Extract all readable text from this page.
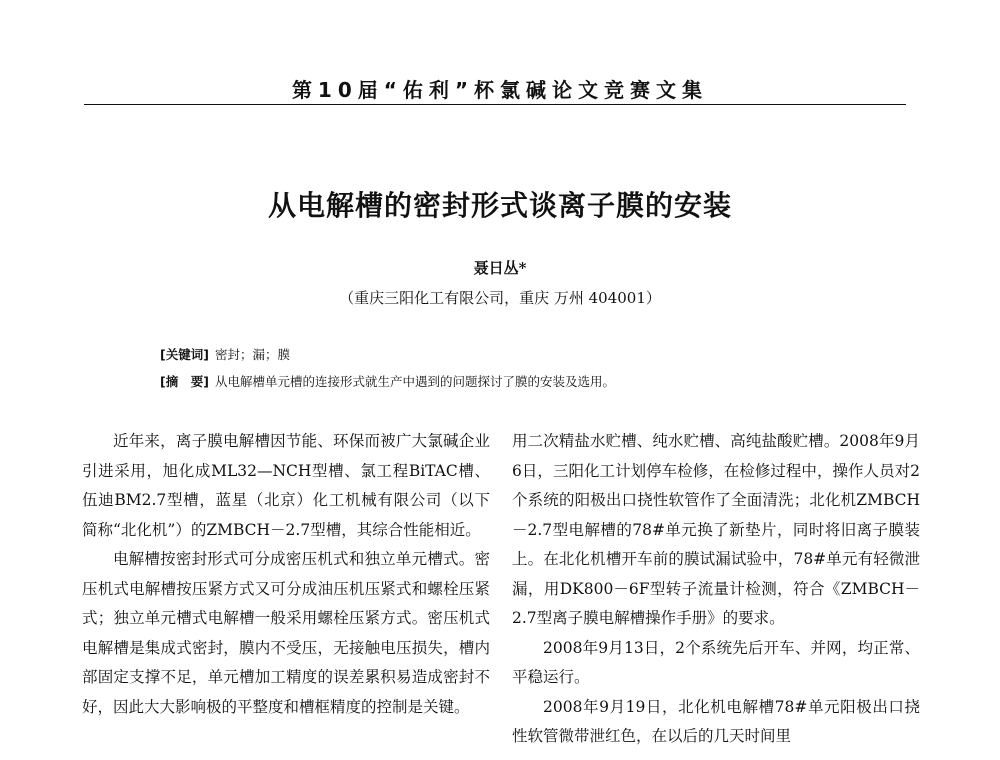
第10届“佑利”杯氯碱论文竞赛文集
从电解槽的密封形式谈离子膜的安装
聂日丛*
（重庆三阳化工有限公司，重庆 万州 404001）
[关键词] 密封；漏；膜
[摘　要] 从电解槽单元槽的连接形式就生产中遇到的问题探讨了膜的安装及选用。

近年来，离子膜电解槽因节能、环保而被广大氯碱企业引进采用，旭化成ML32—NCH型槽、氯工程BiTAC槽、伍迪BM2.7型槽，蓝星（北京）化工机械有限公司（以下简称“北化机”）的ZMBCH－2.7型槽，其综合性能相近。

电解槽按密封形式可分成密压机式和独立单元槽式。密压机式电解槽按压紧方式又可分成油压机压紧式和螺栓压紧式；独立单元槽式电解槽一般采用螺栓压紧方式。密压机式电解槽是集成式密封，膜内不受压，无接触电压损失，槽内部固定支撑不足，单元槽加工精度的误差累积易造成密封不好，因此大大影响极的平整度和槽框精度的控制是关键。

用二次精盐水贮槽、纯水贮槽、高纯盐酸贮槽。2008年9月6日，三阳化工计划停车检修，在检修过程中，操作人员对2个系统的阳极出口挠性软管作了全面清洗；北化机ZMBCH－2.7型电解槽的78#单元换了新垫片，同时将旧离子膜装上。在北化机槽开车前的膜试漏试验中，78#单元有轻微泄漏，用DK800－6F型转子流量计检测，符合《ZMBCH－2.7型离子膜电解槽操作手册》的要求。

2008年9月13日，2个系统先后开车、并网，均正常、平稳运行。

2008年9月19日，北化机电解槽78#单元阳极出口挠性软管微带泄红色，在以后的几天时间里
